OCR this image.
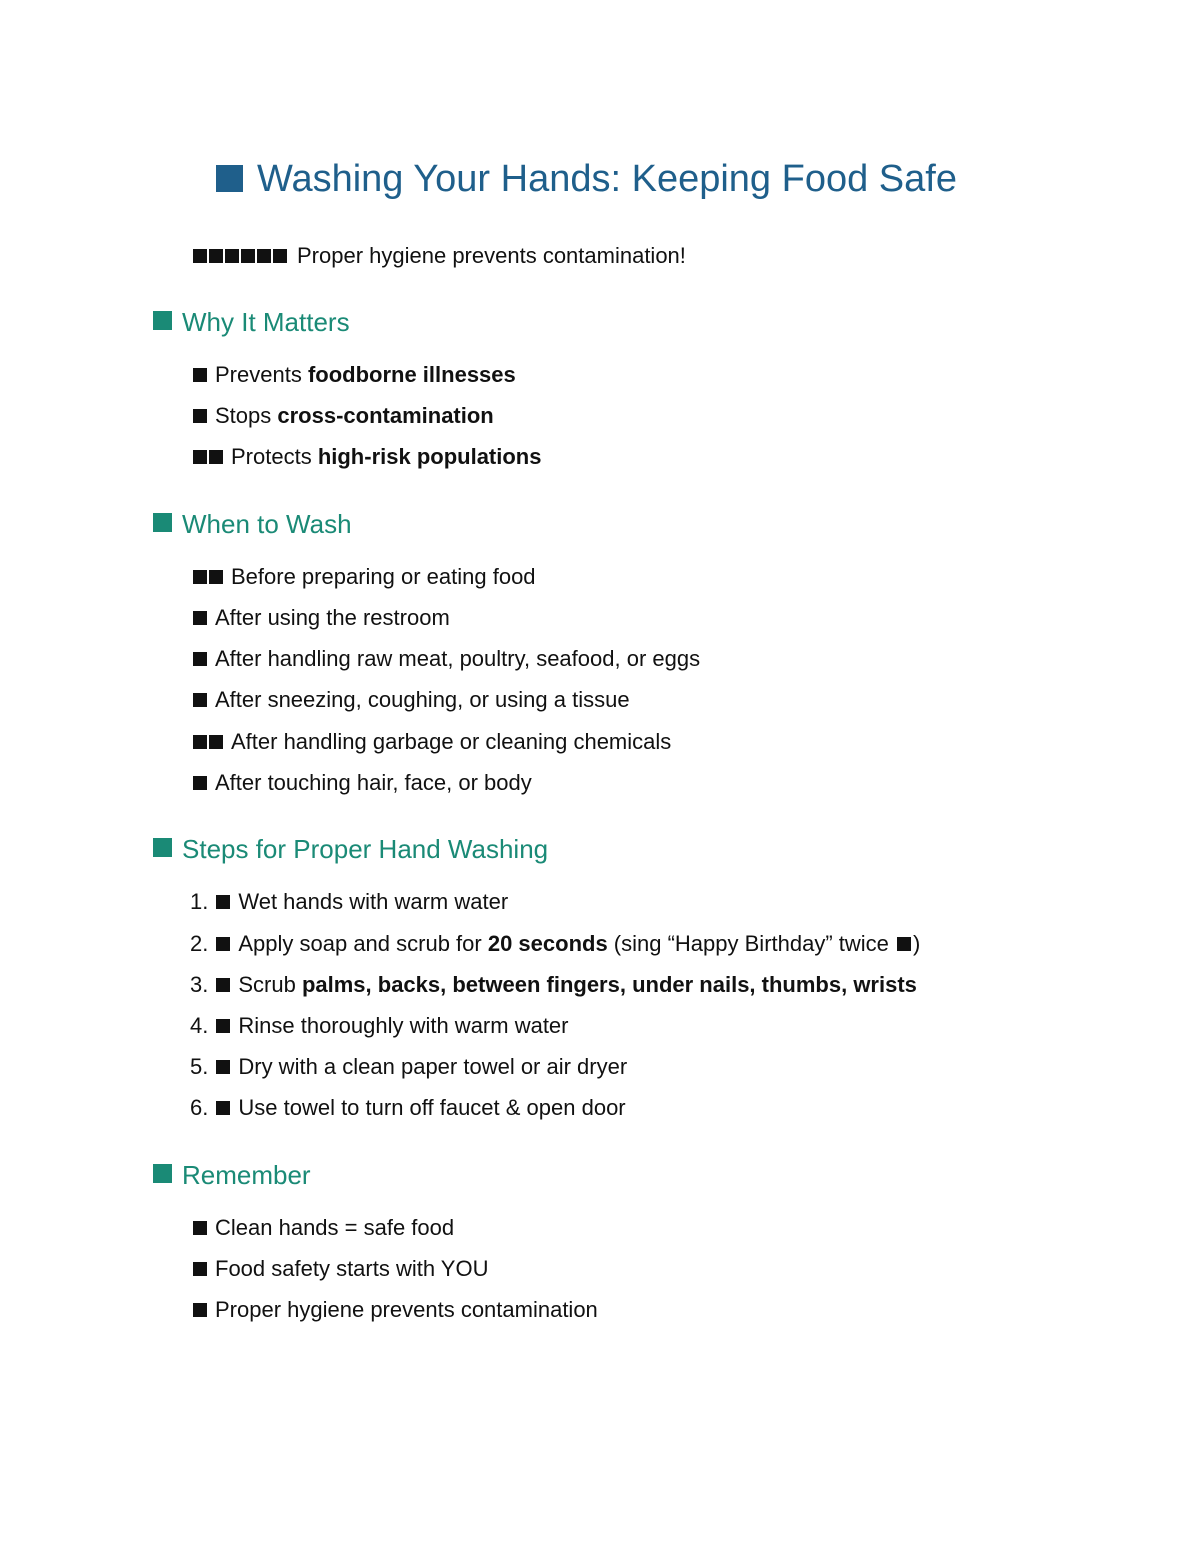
Washing Your Hands: Keeping Food Safe
Proper hygiene prevents contamination!
Why It Matters
Prevents foodborne illnesses
Stops cross-contamination
Protects high-risk populations
When to Wash
Before preparing or eating food
After using the restroom
After handling raw meat, poultry, seafood, or eggs
After sneezing, coughing, or using a tissue
After handling garbage or cleaning chemicals
After touching hair, face, or body
Steps for Proper Hand Washing
1. Wet hands with warm water
2. Apply soap and scrub for 20 seconds (sing “Happy Birthday” twice )
3. Scrub palms, backs, between fingers, under nails, thumbs, wrists
4. Rinse thoroughly with warm water
5. Dry with a clean paper towel or air dryer
6. Use towel to turn off faucet & open door
Remember
Clean hands = safe food
Food safety starts with YOU
Proper hygiene prevents contamination
